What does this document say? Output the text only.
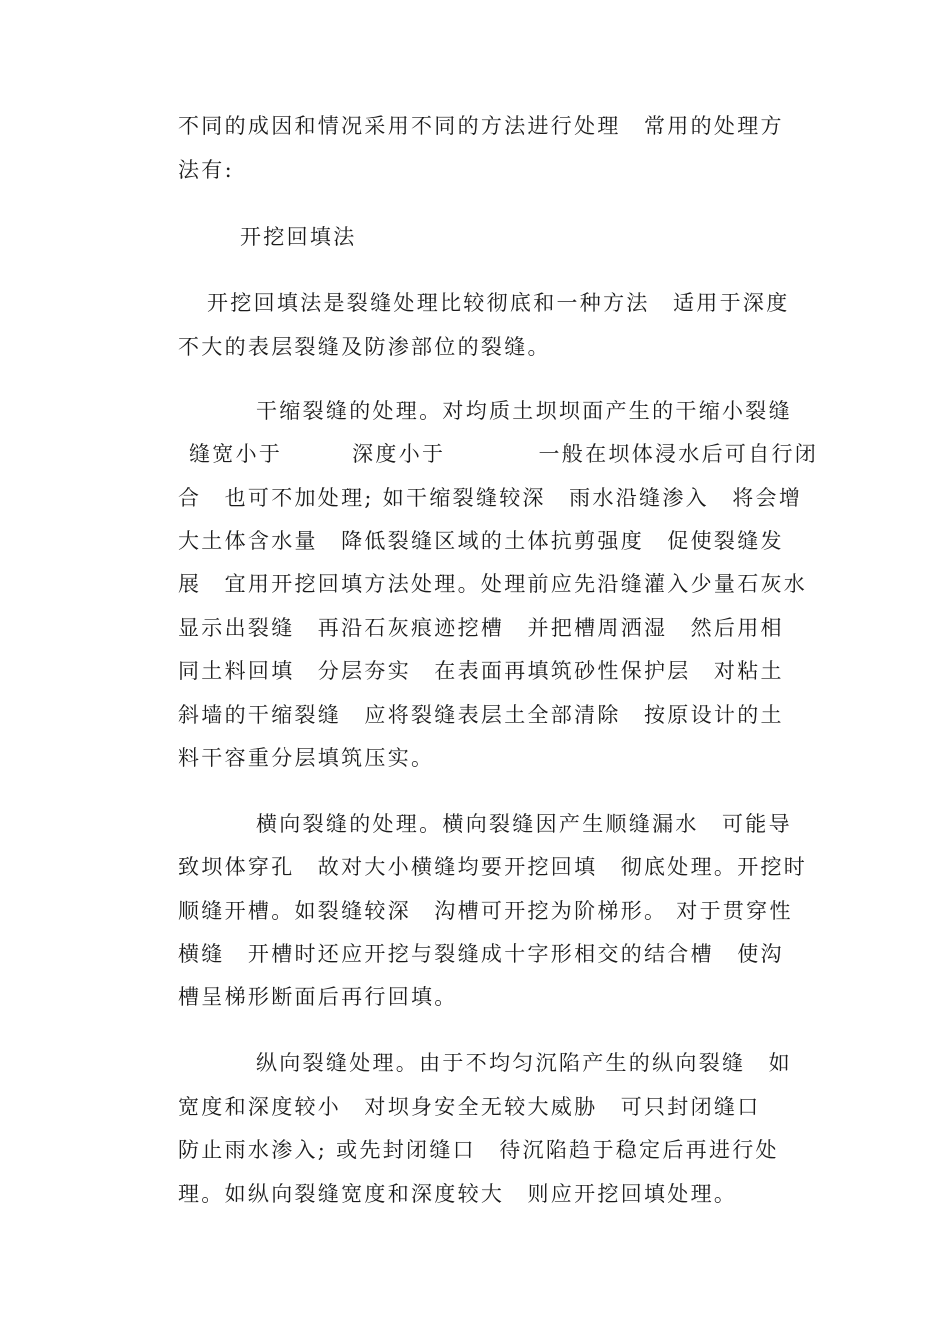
不同的成因和情况采用不同的方法进行处理　常用的处理方

法有:

开挖回填法

开挖回填法是裂缝处理比较彻底和一种方法　适用于深度

不大的表层裂缝及防渗部位的裂缝。

干缩裂缝的处理。对均质土坝坝面产生的干缩小裂缝

缝宽小于　　　深度小于　　　　一般在坝体浸水后可自行闭

合　也可不加处理; 如干缩裂缝较深　雨水沿缝渗入　将会增

大土体含水量　降低裂缝区域的土体抗剪强度　促使裂缝发

展　宜用开挖回填方法处理。处理前应先沿缝灌入少量石灰水

显示出裂缝　再沿石灰痕迹挖槽　并把槽周洒湿　然后用相

同土料回填　分层夯实　在表面再填筑砂性保护层　对粘土

斜墙的干缩裂缝　应将裂缝表层土全部清除　按原设计的土

料干容重分层填筑压实。

横向裂缝的处理。横向裂缝因产生顺缝漏水　可能导

致坝体穿孔　故对大小横缝均要开挖回填　彻底处理。开挖时

顺缝开槽。如裂缝较深　沟槽可开挖为阶梯形。 对于贯穿性

横缝　开槽时还应开挖与裂缝成十字形相交的结合槽　使沟

槽呈梯形断面后再行回填。

纵向裂缝处理。由于不均匀沉陷产生的纵向裂缝　如

宽度和深度较小　对坝身安全无较大威胁　可只封闭缝口

防止雨水渗入; 或先封闭缝口　待沉陷趋于稳定后再进行处

理。如纵向裂缝宽度和深度较大　则应开挖回填处理。
